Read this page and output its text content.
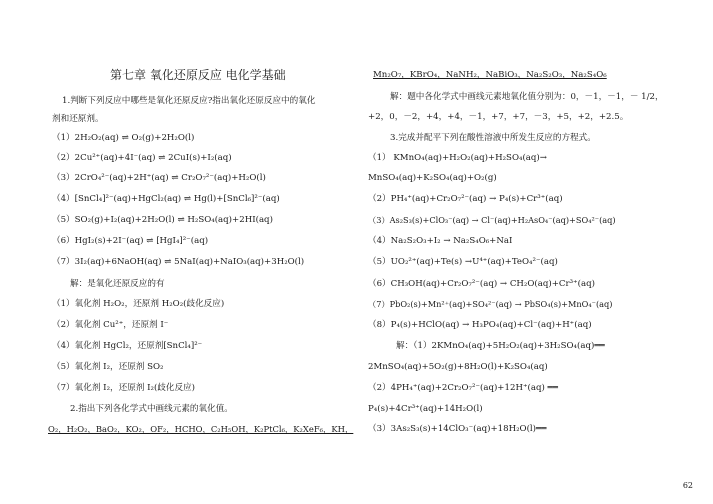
第七章 氧化还原反应 电化学基础
1.判断下列反应中哪些是氧化还原反应?指出氧化还原反应中的氧化
剂和还原剂。
（1）2H₂O₂(aq) ⇌ O₂(g)+2H₂O(l)
（2）2Cu²⁺(aq)+4I⁻(aq) ⇌ 2CuI(s)+I₂(aq)
（3）2CrO₄²⁻(aq)+2H⁺(aq) ⇌ Cr₂O₇²⁻(aq)+H₂O(l)
（4）[SnCl₄]²⁻(aq)+HgCl₂(aq) ⇌ Hg(l)+[SnCl₆]²⁻(aq)
（5）SO₂(g)+I₂(aq)+2H₂O(l) ⇌ H₂SO₄(aq)+2HI(aq)
（6）HgI₂(s)+2I⁻(aq) ⇌ [HgI₄]²⁻(aq)
（7）3I₂(aq)+6NaOH(aq) ⇌ 5NaI(aq)+NaIO₃(aq)+3H₂O(l)
解：是氧化还原反应的有
（1）氧化剂 H₂O₂，还原剂 H₂O₂(歧化反应)
（2）氧化剂 Cu²⁺，还原剂 I⁻
（4）氧化剂 HgCl₂，还原剂[SnCl₄]²⁻
（5）氧化剂 I₂，还原剂 SO₂
（7）氧化剂 I₂，还原剂 I₂(歧化反应)
2.指出下列各化学式中画线元素的氧化值。
O₂，H₂O₂，BaO₂，KO₂，OF₂，HCHO，C₂H₅OH，K₂PtCl₆，K₂XeF₆，KH，
Mn₂O₇，KBrO₄，NaNH₂，NaBiO₃，Na₂S₂O₃，Na₂S₄O₆
解：题中各化学式中画线元素地氧化值分别为：0，－1，－1，－ 1/2，
+2，0，－2，+4，+4，－1，+7，+7，－3，+5，+2，+2.5。
3.完成并配平下列在酸性溶液中所发生反应的方程式。
（1） KMnO₄(aq)+H₂O₂(aq)+H₂SO₄(aq)→
MnSO₄(aq)+K₂SO₄(aq)+O₂(g)
（2）PH₄⁺(aq)+Cr₂O₇²⁻(aq) → P₄(s)+Cr³⁺(aq)
（3）As₂S₃(s)+ClO₃⁻(aq) → Cl⁻(aq)+H₂AsO₄⁻(aq)+SO₄²⁻(aq)
（4）Na₂S₂O₃+I₂ → Na₂S₄O₆+NaI
（5）UO₂²⁺(aq)+Te(s) →U⁴⁺(aq)+TeO₄²⁻(aq)
（6）CH₃OH(aq)+Cr₂O₇²⁻(aq) → CH₂O(aq)+Cr³⁺(aq)
（7）PbO₂(s)+Mn²⁺(aq)+SO₄²⁻(aq) → PbSO₄(s)+MnO₄⁻(aq)
（8）P₄(s)+HClO(aq) → H₃PO₄(aq)+Cl⁻(aq)+H⁺(aq)
解：（1）2KMnO₄(aq)+5H₂O₂(aq)+3H₂SO₄(aq)══
2MnSO₄(aq)+5O₂(g)+8H₂O(l)+K₂SO₄(aq)
（2）4PH₄⁺(aq)+2Cr₂O₇²⁻(aq)+12H⁺(aq) ══
P₄(s)+4Cr³⁺(aq)+14H₂O(l)
（3）3As₂S₃(s)+14ClO₃⁻(aq)+18H₂O(l)══
62
